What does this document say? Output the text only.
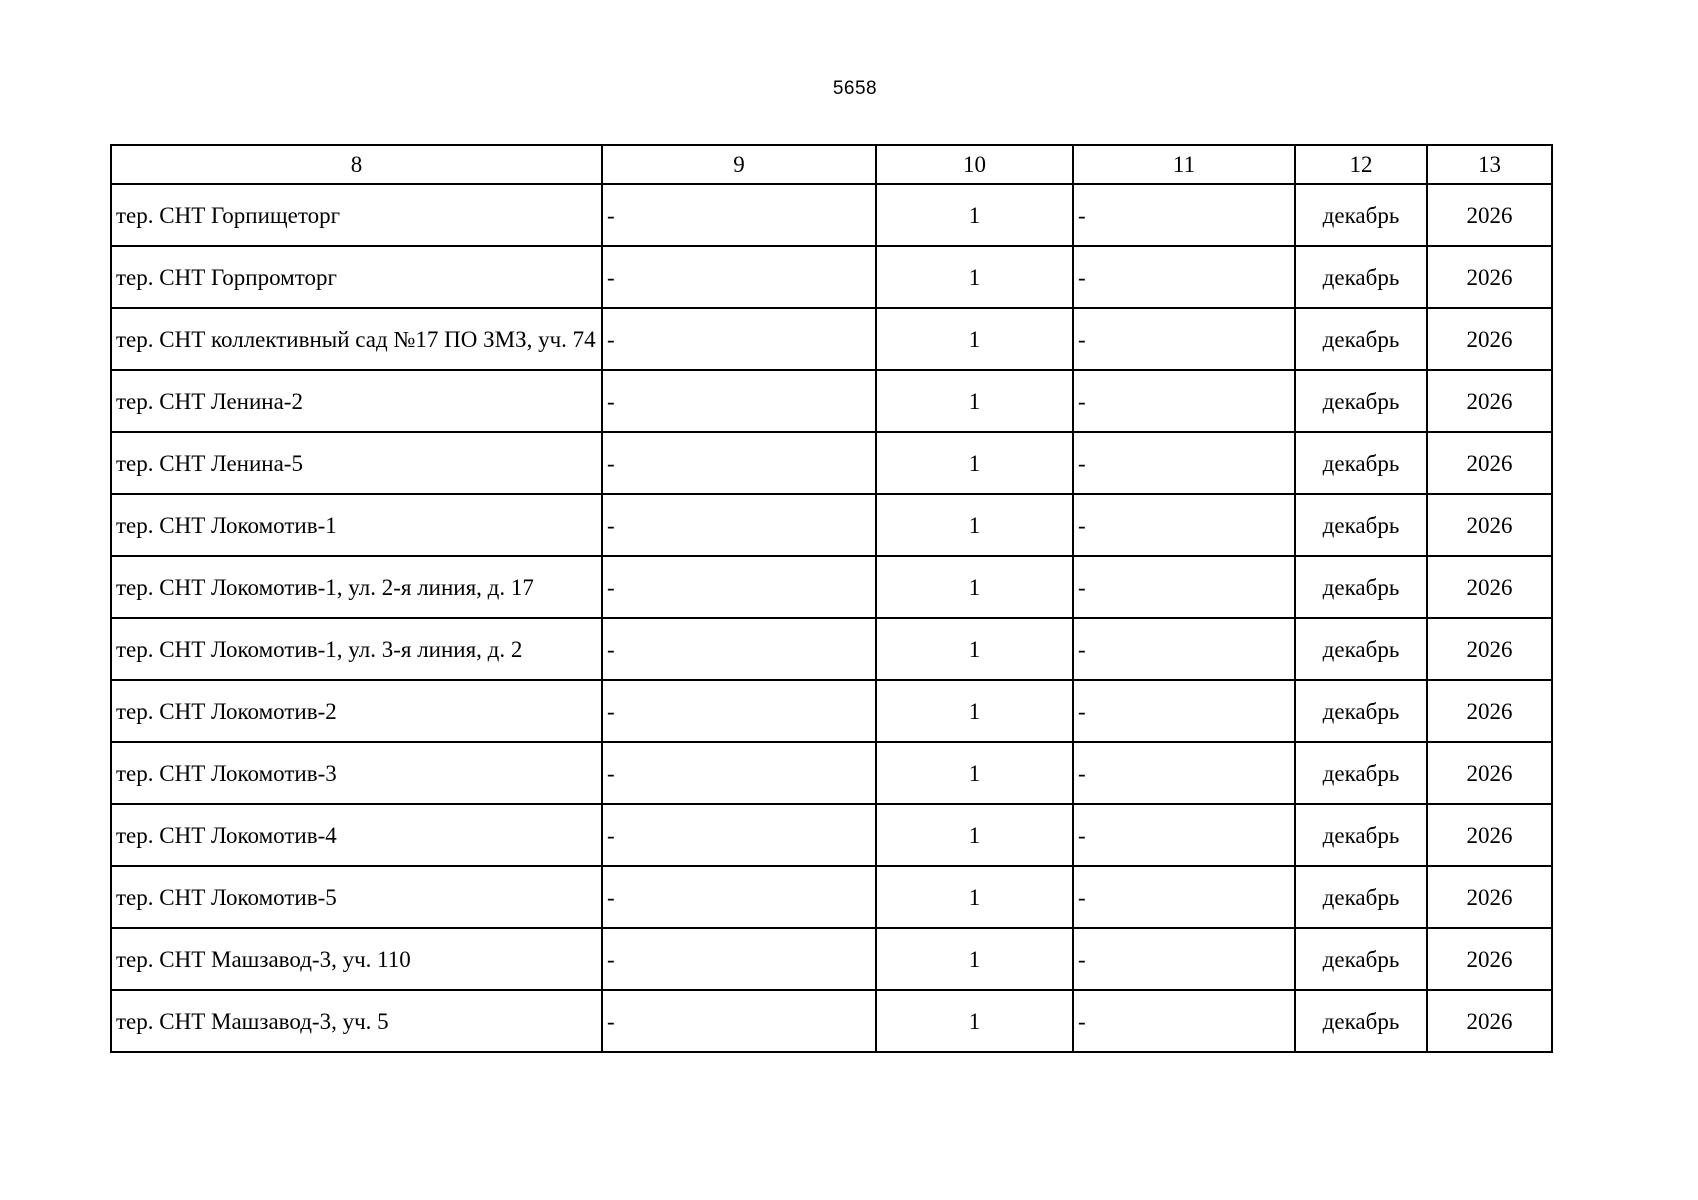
5658
8	9	10	11	12	13
тер. СНТ Горпищеторг	-	1	-	декабрь	2026
тер. СНТ Горпромторг	-	1	-	декабрь	2026
тер. СНТ коллективный сад №17 ПО ЗМЗ, уч. 74	-	1	-	декабрь	2026
тер. СНТ Ленина-2	-	1	-	декабрь	2026
тер. СНТ Ленина-5	-	1	-	декабрь	2026
тер. СНТ Локомотив-1	-	1	-	декабрь	2026
тер. СНТ Локомотив-1, ул. 2-я линия, д. 17	-	1	-	декабрь	2026
тер. СНТ Локомотив-1, ул. 3-я линия, д. 2	-	1	-	декабрь	2026
тер. СНТ Локомотив-2	-	1	-	декабрь	2026
тер. СНТ Локомотив-3	-	1	-	декабрь	2026
тер. СНТ Локомотив-4	-	1	-	декабрь	2026
тер. СНТ Локомотив-5	-	1	-	декабрь	2026
тер. СНТ Машзавод-3, уч. 110	-	1	-	декабрь	2026
тер. СНТ Машзавод-3, уч. 5	-	1	-	декабрь	2026
